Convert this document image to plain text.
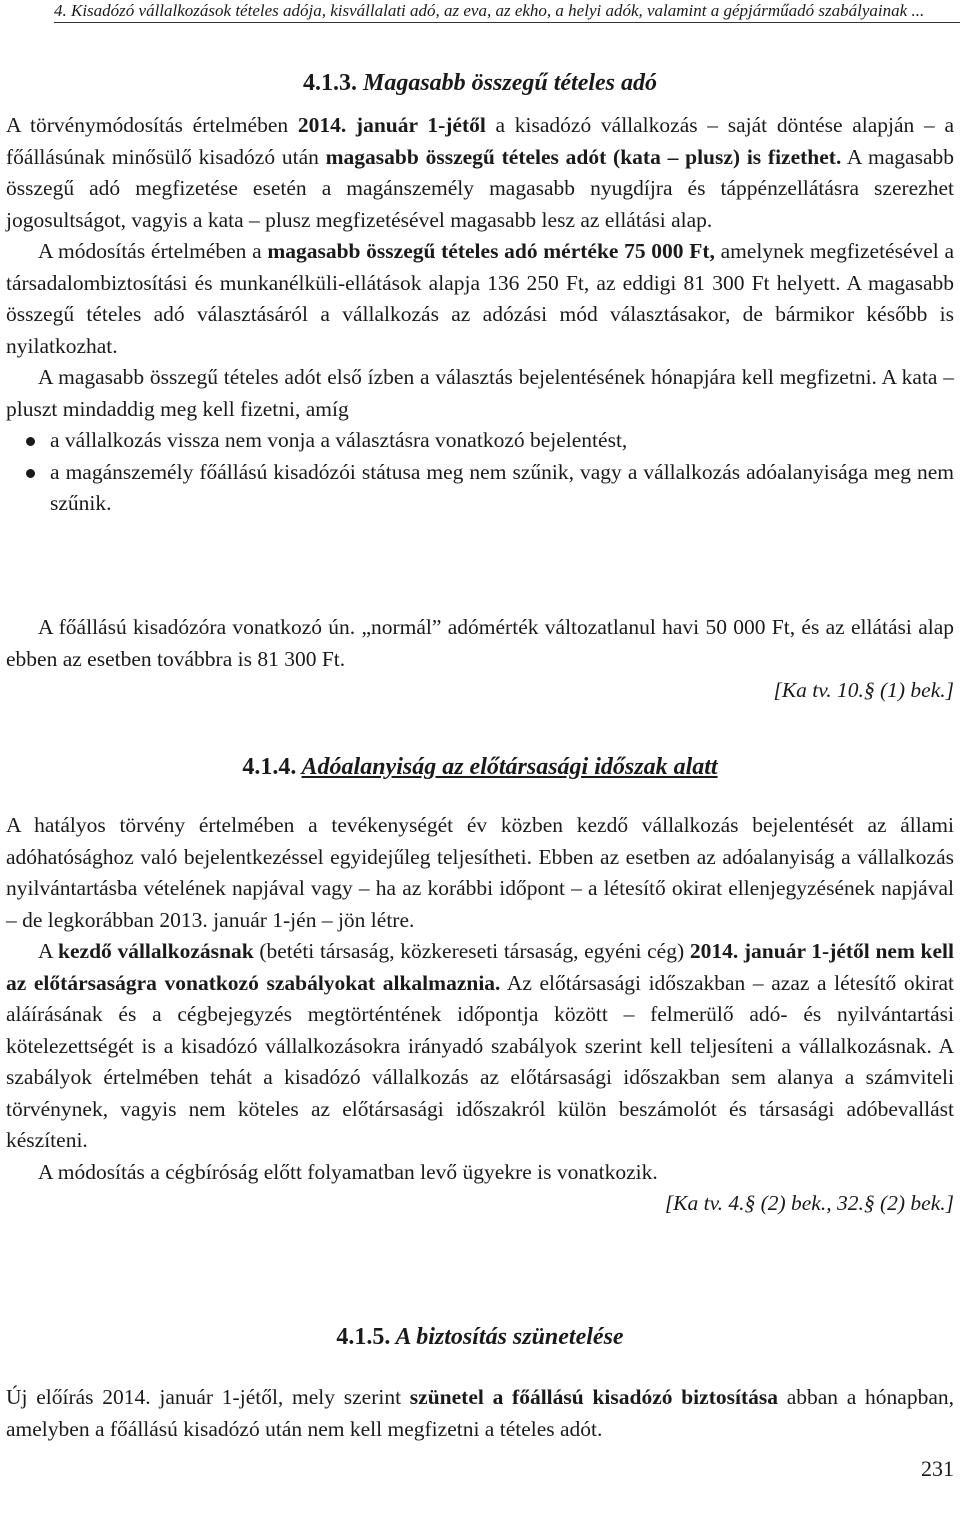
4. Kisadózó vállalkozások tételes adója, kisvállalati adó, az eva, az ekho, a helyi adók, valamint a gépjárműadó szabályainak ...
4.1.3. Magasabb összegű tételes adó

A törvénymódosítás értelmében 2014. január 1-jétől a kisadózó vállalkozás – saját döntése alapján – a főállásúnak minősülő kisadózó után magasabb összegű tételes adót (kata – plusz) is fizethet. A magasabb összegű adó megfizetése esetén a magánszemély magasabb nyugdíjra és táppénzellátásra szerezhet jogosultságot, vagyis a kata – plusz megfizetésével magasabb lesz az ellátási alap.

A módosítás értelmében a magasabb összegű tételes adó mértéke 75 000 Ft, amelynek megfizetésével a társadalombiztosítási és munkanélküli-ellátások alapja 136 250 Ft, az eddigi 81 300 Ft helyett. A magasabb összegű tételes adó választásáról a vállalkozás az adózási mód választásakor, de bármikor később is nyilatkozhat.

A magasabb összegű tételes adót első ízben a választás bejelentésének hónapjára kell megfizetni. A kata – pluszt mindaddig meg kell fizetni, amíg

a vállalkozás vissza nem vonja a választásra vonatkozó bejelentést,
a magánszemély főállású kisadózói státusa meg nem szűnik, vagy a vállalkozás adóalanyisága meg nem szűnik.

A főállású kisadózóra vonatkozó ún. „normál” adómérték változatlanul havi 50 000 Ft, és az ellátási alap ebben az esetben továbbra is 81 300 Ft.

[Ka tv. 10.§ (1) bek.]

4.1.4. Adóalanyiság az előtársasági időszak alatt

A hatályos törvény értelmében a tevékenységét év közben kezdő vállalkozás bejelentését az állami adóhatósághoz való bejelentkezéssel egyidejűleg teljesítheti. Ebben az esetben az adóalanyiság a vállalkozás nyilvántartásba vételének napjával vagy – ha az korábbi időpont – a létesítő okirat ellenjegyzésének napjával – de legkorábban 2013. január 1-jén – jön létre.

A kezdő vállalkozásnak (betéti társaság, közkereseti társaság, egyéni cég) 2014. január 1-jétől nem kell az előtársaságra vonatkozó szabályokat alkalmaznia. Az előtársasági időszakban – azaz a létesítő okirat aláírásának és a cégbejegyzés megtörténtének időpontja között – felmerülő adó- és nyilvántartási kötelezettségét is a kisadózó vállalkozásokra irányadó szabályok szerint kell teljesíteni a vállalkozásnak. A szabályok értelmében tehát a kisadózó vállalkozás az előtársasági időszakban sem alanya a számviteli törvénynek, vagyis nem köteles az előtársasági időszakról külön beszámolót és társasági adóbevallást készíteni.

A módosítás a cégbíróság előtt folyamatban levő ügyekre is vonatkozik.

[Ka tv. 4.§ (2) bek., 32.§ (2) bek.]

4.1.5. A biztosítás szünetelése

Új előírás 2014. január 1-jétől, mely szerint szünetel a főállású kisadózó biztosítása abban a hónapban, amelyben a főállású kisadózó után nem kell megfizetni a tételes adót.

231
